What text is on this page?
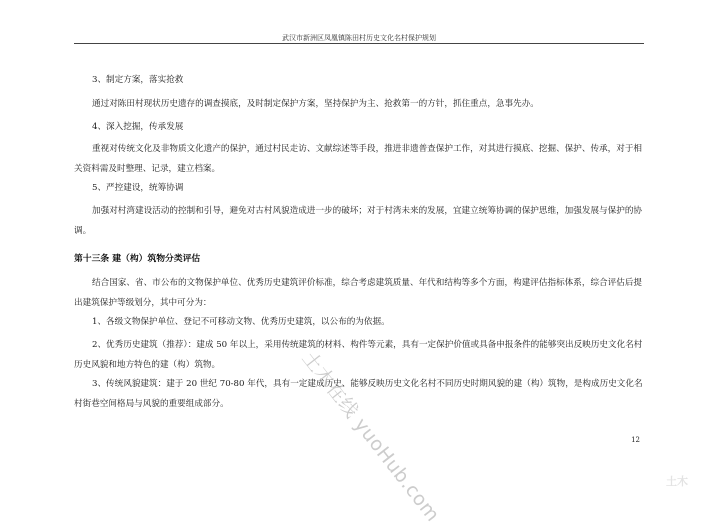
武汉市新洲区凤凰镇陈田村历史文化名村保护规划

3、制定方案，落实抢救

通过对陈田村现状历史遗存的调查摸底，及时制定保护方案，坚持保护为主、抢救第一的方针，抓住重点，急事先办。

4、深入挖掘，传承发展

重视对传统文化及非物质文化遗产的保护，通过村民走访、文献综述等手段，推进非遗普查保护工作，对其进行摸底、挖掘、保护、传承，对于相关资料需及时整理、记录，建立档案。

5、严控建设，统筹协调

加强对村湾建设活动的控制和引导，避免对古村风貌造成进一步的破坏；对于村湾未来的发展，宜建立统筹协调的保护思维，加强发展与保护的协调。

第十三条 建（构）筑物分类评估

结合国家、省、市公布的文物保护单位、优秀历史建筑评价标准，综合考虑建筑质量、年代和结构等多个方面，构建评估指标体系，综合评估后提出建筑保护等级划分，其中可分为：

1、各级文物保护单位、登记不可移动文物、优秀历史建筑，以公布的为依据。

2、优秀历史建筑（推荐）：建成 50 年以上，采用传统建筑的材料、构件等元素，具有一定保护价值或具备申报条件的能够突出反映历史文化名村历史风貌和地方特色的建（构）筑物。

3、传统风貌建筑：建于 20 世纪 70-80 年代，具有一定建成历史、能够反映历史文化名村不同历史时期风貌的建（构）筑物，是构成历史文化名村街巷空间格局与风貌的重要组成部分。

12
土木在线 yuoHub.com	土木
